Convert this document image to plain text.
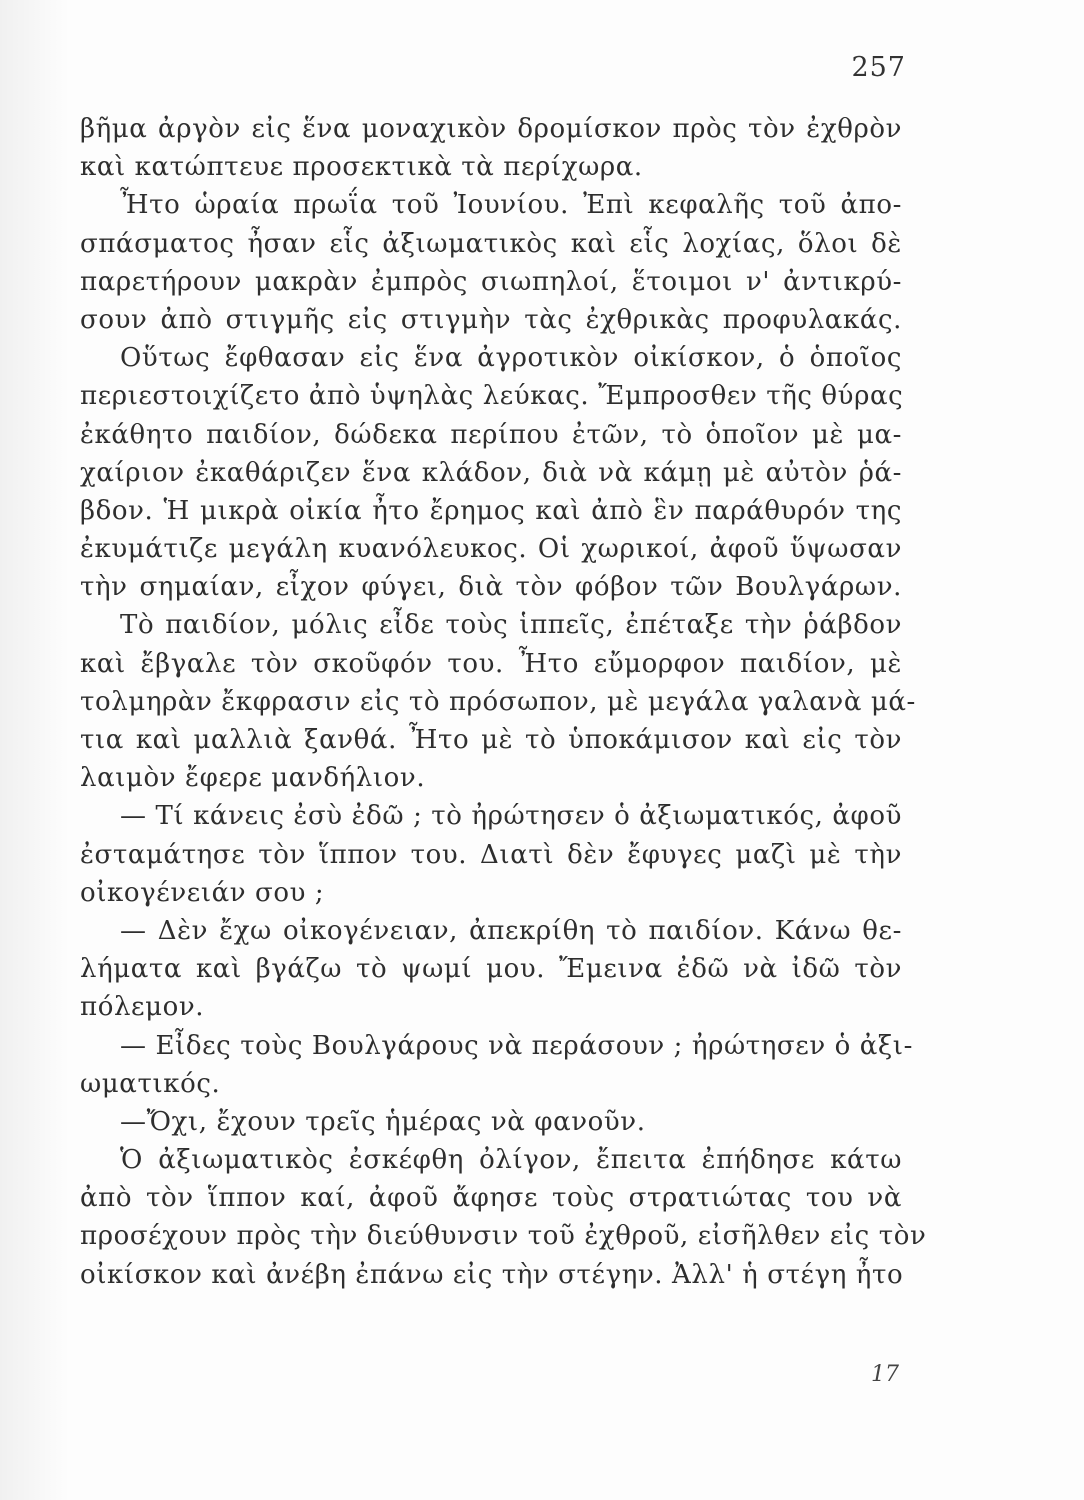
257
βῆμα ἀργὸν εἰς ἕνα μοναχικὸν δρομίσκον πρὸς τὸν ἐχθρὸν
καὶ κατώπτευε προσεκτικὰ τὰ περίχωρα.
Ἦτο ὡραία πρωΐα τοῦ Ἰουνίου. Ἐπὶ κεφαλῆς τοῦ ἀπο-
σπάσματος ἦσαν εἷς ἀξιωματικὸς καὶ εἷς λοχίας, ὅλοι δὲ
παρετήρουν μακρὰν ἐμπρὸς σιωπηλοί, ἕτοιμοι ν' ἀντικρύ-
σουν ἀπὸ στιγμῆς εἰς στιγμὴν τὰς ἐχθρικὰς προφυλακάς.
Οὕτως ἔφθασαν εἰς ἕνα ἀγροτικὸν οἰκίσκον, ὁ ὁποῖος
περιεστοιχίζετο ἀπὸ ὑψηλὰς λεύκας. Ἔμπροσθεν τῆς θύρας
ἐκάθητο παιδίον, δώδεκα περίπου ἐτῶν, τὸ ὁποῖον μὲ μα-
χαίριον ἐκαθάριζεν ἕνα κλάδον, διὰ νὰ κάμῃ μὲ αὐτὸν ῥά-
βδον. Ἡ μικρὰ οἰκία ἦτο ἔρημος καὶ ἀπὸ ἓν παράθυρόν της
ἐκυμάτιζε μεγάλη κυανόλευκος. Οἱ χωρικοί, ἀφοῦ ὕψωσαν
τὴν σημαίαν, εἶχον φύγει, διὰ τὸν φόβον τῶν Βουλγάρων.
Τὸ παιδίον, μόλις εἶδε τοὺς ἱππεῖς, ἐπέταξε τὴν ῥάβδον
καὶ ἔβγαλε τὸν σκοῦφόν του. Ἦτο εὔμορφον παιδίον, μὲ
τολμηρὰν ἔκφρασιν εἰς τὸ πρόσωπον, μὲ μεγάλα γαλανὰ μά-
τια καὶ μαλλιὰ ξανθά. Ἦτο μὲ τὸ ὑποκάμισον καὶ εἰς τὸν
λαιμὸν ἔφερε μανδήλιον.
— Τί κάνεις ἐσὺ ἐδῶ ; τὸ ἠρώτησεν ὁ ἀξιωματικός, ἀφοῦ
ἐσταμάτησε τὸν ἵππον του. Διατὶ δὲν ἔφυγες μαζὶ μὲ τὴν
οἰκογένειάν σου ;
— Δὲν ἔχω οἰκογένειαν, ἀπεκρίθη τὸ παιδίον. Κάνω θε-
λήματα καὶ βγάζω τὸ ψωμί μου. Ἔμεινα ἐδῶ νὰ ἰδῶ τὸν
πόλεμον.
— Εἶδες τοὺς Βουλγάρους νὰ περάσουν ; ἠρώτησεν ὁ ἀξι-
ωματικός.
—Ὄχι, ἔχουν τρεῖς ἡμέρας νὰ φανοῦν.
Ὁ ἀξιωματικὸς ἐσκέφθη ὀλίγον, ἔπειτα ἐπήδησε κάτω
ἀπὸ τὸν ἵππον καί, ἀφοῦ ἄφησε τοὺς στρατιώτας του νὰ
προσέχουν πρὸς τὴν διεύθυνσιν τοῦ ἐχθροῦ, εἰσῆλθεν εἰς τὸν
οἰκίσκον καὶ ἀνέβη ἐπάνω εἰς τὴν στέγην. Ἀλλ' ἡ στέγη ἦτο
17
